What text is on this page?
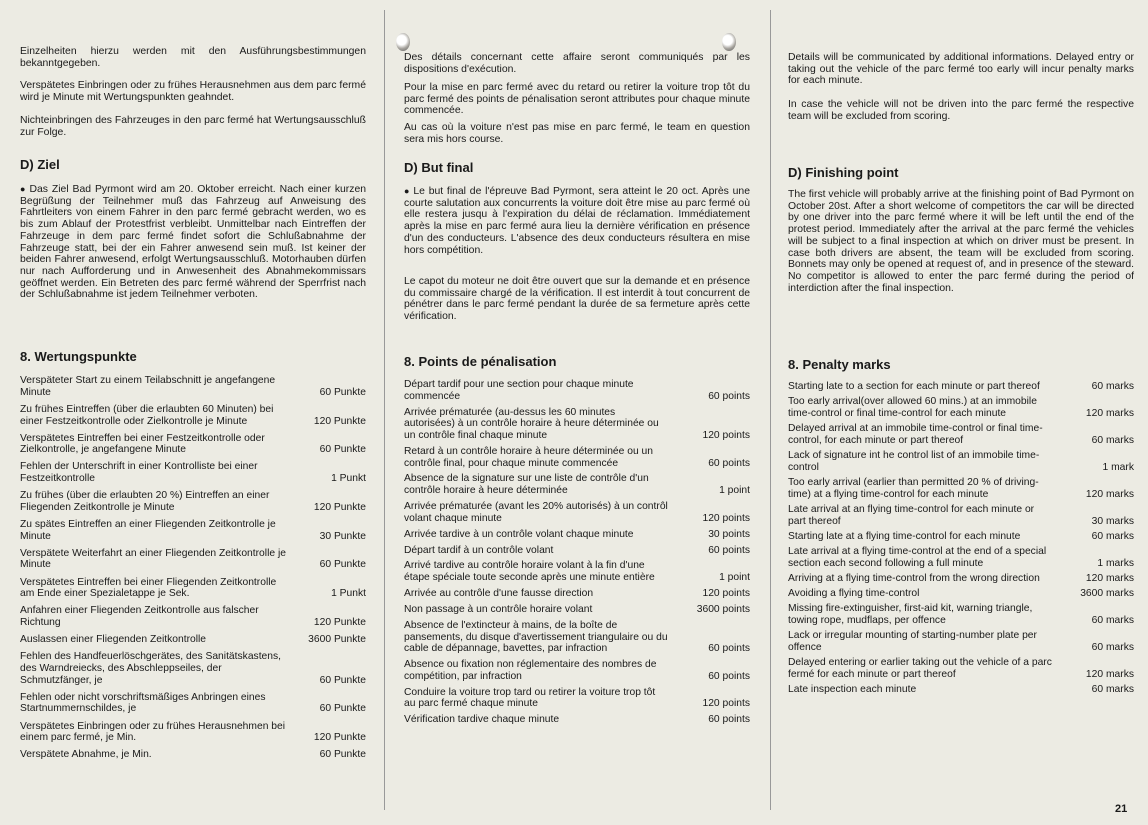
Einzelheiten hierzu werden mit den Ausführungsbestimmungen bekanntgegeben.

Verspätetes Einbringen oder zu frühes Herausnehmen aus dem parc fermé wird je Minute mit Wertungspunkten geahndet.

Nichteinbringen des Fahrzeuges in den parc fermé hat Wertungsausschluß zur Folge.

D) Ziel

● Das Ziel Bad Pyrmont wird am 20. Oktober erreicht. Nach einer kurzen Begrüßung der Teilnehmer muß das Fahrzeug auf Anweisung des Fahrtleiters von einem Fahrer in den parc fermé gebracht werden, wo es bis zum Ablauf der Protestfrist verbleibt. Unmittelbar nach Eintreffen der Fahrzeuge in dem parc fermé findet sofort die Schlußabnahme der Fahrzeuge statt, bei der ein Fahrer anwesend sein muß. Ist keiner der beiden Fahrer anwesend, erfolgt Wertungsausschluß. Motorhauben dürfen nur nach Aufforderung und in Anwesenheit des Abnahmekommissars geöffnet werden. Ein Betreten des parc fermé während der Sperrfrist nach der Schlußabnahme ist jedem Teilnehmer verboten.

8. Wertungspunkte
Verspäteter Start zu einem Teilabschnitt je angefangene Minute	60 Punkte
Zu frühes Eintreffen (über die erlaubten 60 Minuten) bei einer Festzeitkontrolle oder Zielkontrolle je Minute	120 Punkte
Verspätetes Eintreffen bei einer Festzeitkontrolle oder Zielkontrolle, je angefangene Minute	60 Punkte
Fehlen der Unterschrift in einer Kontrolliste bei einer Festzeitkontrolle	1 Punkt
Zu frühes (über die erlaubten 20 %) Eintreffen an einer Fliegenden Zeitkontrolle je Minute	120 Punkte
Zu spätes Eintreffen an einer Fliegenden Zeitkontrolle je Minute	30 Punkte
Verspätete Weiterfahrt an einer Fliegenden Zeitkontrolle je Minute	60 Punkte
Verspätetes Eintreffen bei einer Fliegenden Zeitkontrolle am Ende einer Spezialetappe je Sek.	1 Punkt
Anfahren einer Fliegenden Zeitkontrolle aus falscher Richtung	120 Punkte
Auslassen einer Fliegenden Zeitkontrolle	3600 Punkte
Fehlen des Handfeuerlöschgerätes, des Sanitätskastens, des Warndreiecks, des Abschleppseiles, der Schmutzfänger, je	60 Punkte
Fehlen oder nicht vorschriftsmäßiges Anbringen eines Startnummernschildes, je	60 Punkte
Verspätetes Einbringen oder zu frühes Herausnehmen bei einem parc fermé, je Min.	120 Punkte
Verspätete Abnahme, je Min.	60 Punkte

Des détails concernant cette affaire seront communiqués par les dispositions d'exécution.

Pour la mise en parc fermé avec du retard ou retirer la voiture trop tôt du parc fermé des points de pénalisation seront attributes pour chaque minute commencée.

Au cas où la voiture n'est pas mise en parc fermé, le team en question sera mis hors course.

D) But final

● Le but final de l'épreuve Bad Pyrmont, sera atteint le 20 oct. Après une courte salutation aux concurrents la voiture doit être mise au parc fermé où elle restera jusqu à l'expiration du délai de réclamation. Immédiatement après la mise en parc fermé aura lieu la dernière vérification en présence d'un des conducteurs. L'absence des deux conducteurs résultera en mise hors compétition.

Le capot du moteur ne doit être ouvert que sur la demande et en présence du commissaire chargé de la vérification. Il est interdit à tout concurrent de pénétrer dans le parc fermé pendant la durée de sa fermeture après cette vérification.

8. Points de pénalisation
Départ tardif pour une section pour chaque minute commencée	60 points
Arrivée prématurée (au-dessus les 60 minutes autorisées) à un contrôle horaire à heure déterminée ou un contrôle final chaque minute	120 points
Retard à un contrôle horaire à heure déterminée ou un contrôle final, pour chaque minute commencée	60 points
Absence de la signature sur une liste de contrôle d'un contrôle horaire à heure déterminée	1 point
Arrivée prématurée (avant les 20% autorisés) à un contrôl volant chaque minute	120 points
Arrivée tardive à un contrôle volant chaque minute	30 points
Départ tardif à un contrôle volant	60 points
Arrivé tardive au contrôle horaire volant à la fin d'une étape spéciale toute seconde après une minute entière	1 point
Arrivée au contrôle d'une fausse direction	120 points
Non passage à un contrôle horaire volant	3600 points
Absence de l'extincteur à mains, de la boîte de pansements, du disque d'avertissement triangulaire ou du cable de dépannage, bavettes, par infraction	60 points
Absence ou fixation non réglementaire des nombres de compétition, par infraction	60 points
Conduire la voiture trop tard ou retirer la voiture trop tôt au parc fermé chaque minute	120 points
Vérification tardive chaque minute	60 points

Details will be communicated by additional informations. Delayed entry or taking out the vehicle of the parc fermé too early will incur penalty marks for each minute.

In case the vehicle will not be driven into the parc fermé the respective team will be excluded from scoring.

D) Finishing point

The first vehicle will probably arrive at the finishing point of Bad Pyrmont on October 20st. After a short welcome of competitors the car will be directed by one driver into the parc fermé where it will be left until the end of the protest period. Immediately after the arrival at the parc fermé the vehicles will be subject to a final inspection at which on driver must be present. In case both drivers are absent, the team will be excluded from scoring. Bonnets may only be opened at request of, and in presence of the steward. No competitor is allowed to enter the parc fermé during the period of interdiction after the final inspection.

8. Penalty marks
Starting late to a section for each minute or part thereof	60 marks
Too early arrival(over allowed 60 mins.) at an immobile time-control or final time-control for each minute	120 marks
Delayed arrival at an immobile time-control or final time-control, for each minute or part thereof	60 marks
Lack of signature int he control list of an immobile time-control	1 mark
Too early arrival (earlier than permitted 20 % of driving-time) at a flying time-control for each minute	120 marks
Late arrival at an flying time-control for each minute or part thereof	30 marks
Starting late at a flying time-control for each minute	60 marks
Late arrival at a flying time-control at the end of a special section each second following a full minute	1 marks
Arriving at a flying time-control from the wrong direction	120 marks
Avoiding a flying time-control	3600 marks
Missing fire-extinguisher, first-aid kit, warning triangle, towing rope, mudflaps, per offence	60 marks
Lack or irregular mounting of starting-number plate per offence	60 marks
Delayed entering or earlier taking out the vehicle of a parc fermé for each minute or part thereof	120 marks
Late inspection each minute	60 marks
21
